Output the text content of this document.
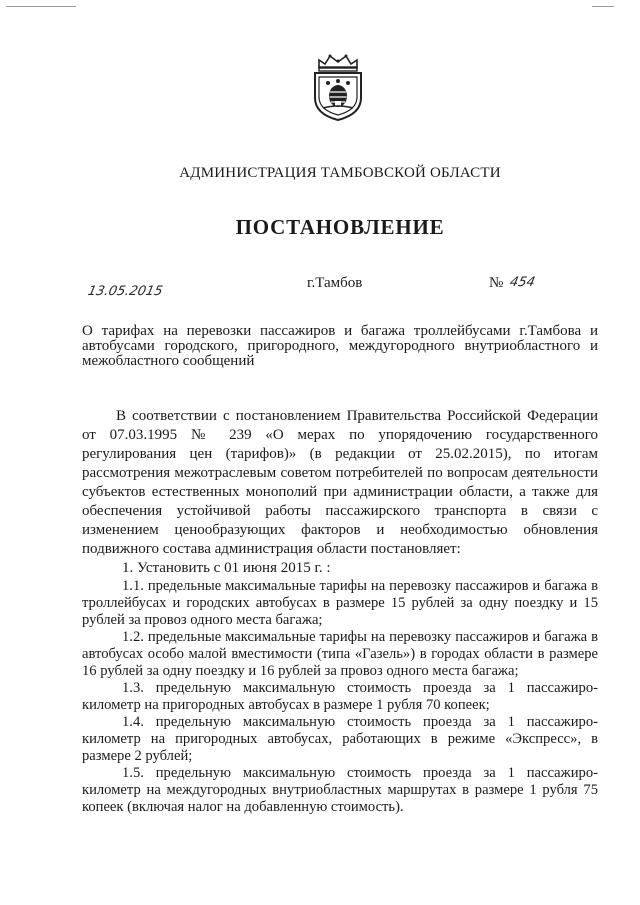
АДМИНИСТРАЦИЯ ТАМБОВСКОЙ ОБЛАСТИ
ПОСТАНОВЛЕНИЕ
13.05.2015
г.Тамбов	№ 454
О тарифах на перевозки пассажиров и багажа троллейбусами г.Тамбова и автобусами городского, пригородного, междугородного внутриобластного и межобластного сообщений

В соответствии с постановлением Правительства Российской Федерации от 07.03.1995 № 239 «О мерах по упорядочению государственного регулирования цен (тарифов)» (в редакции от 25.02.2015), по итогам рассмотрения межотраслевым советом потребителей по вопросам деятельности субъектов естественных монополий при администрации области, а также для обеспечения устойчивой работы пассажирского транспорта в связи с изменением ценообразующих факторов и необходимостью обновления подвижного состава администрация области постановляет:

1. Установить с 01 июня 2015 г. :

1.1. предельные максимальные тарифы на перевозку пассажиров и багажа в троллейбусах и городских автобусах в размере 15 рублей за одну поездку и 15 рублей за провоз одного места багажа;

1.2. предельные максимальные тарифы на перевозку пассажиров и багажа в автобусах особо малой вместимости (типа «Газель») в городах области в размере 16 рублей за одну поездку и 16 рублей за провоз одного места багажа;

1.3. предельную максимальную стоимость проезда за 1 пассажиро-километр на пригородных автобусах в размере 1 рубля 70 копеек;

1.4. предельную максимальную стоимость проезда за 1 пассажиро-километр на пригородных автобусах, работающих в режиме «Экспресс», в размере 2 рублей;

1.5. предельную максимальную стоимость проезда за 1 пассажиро-километр на междугородных внутриобластных маршрутах в размере 1 рубля 75 копеек (включая налог на добавленную стоимость).
